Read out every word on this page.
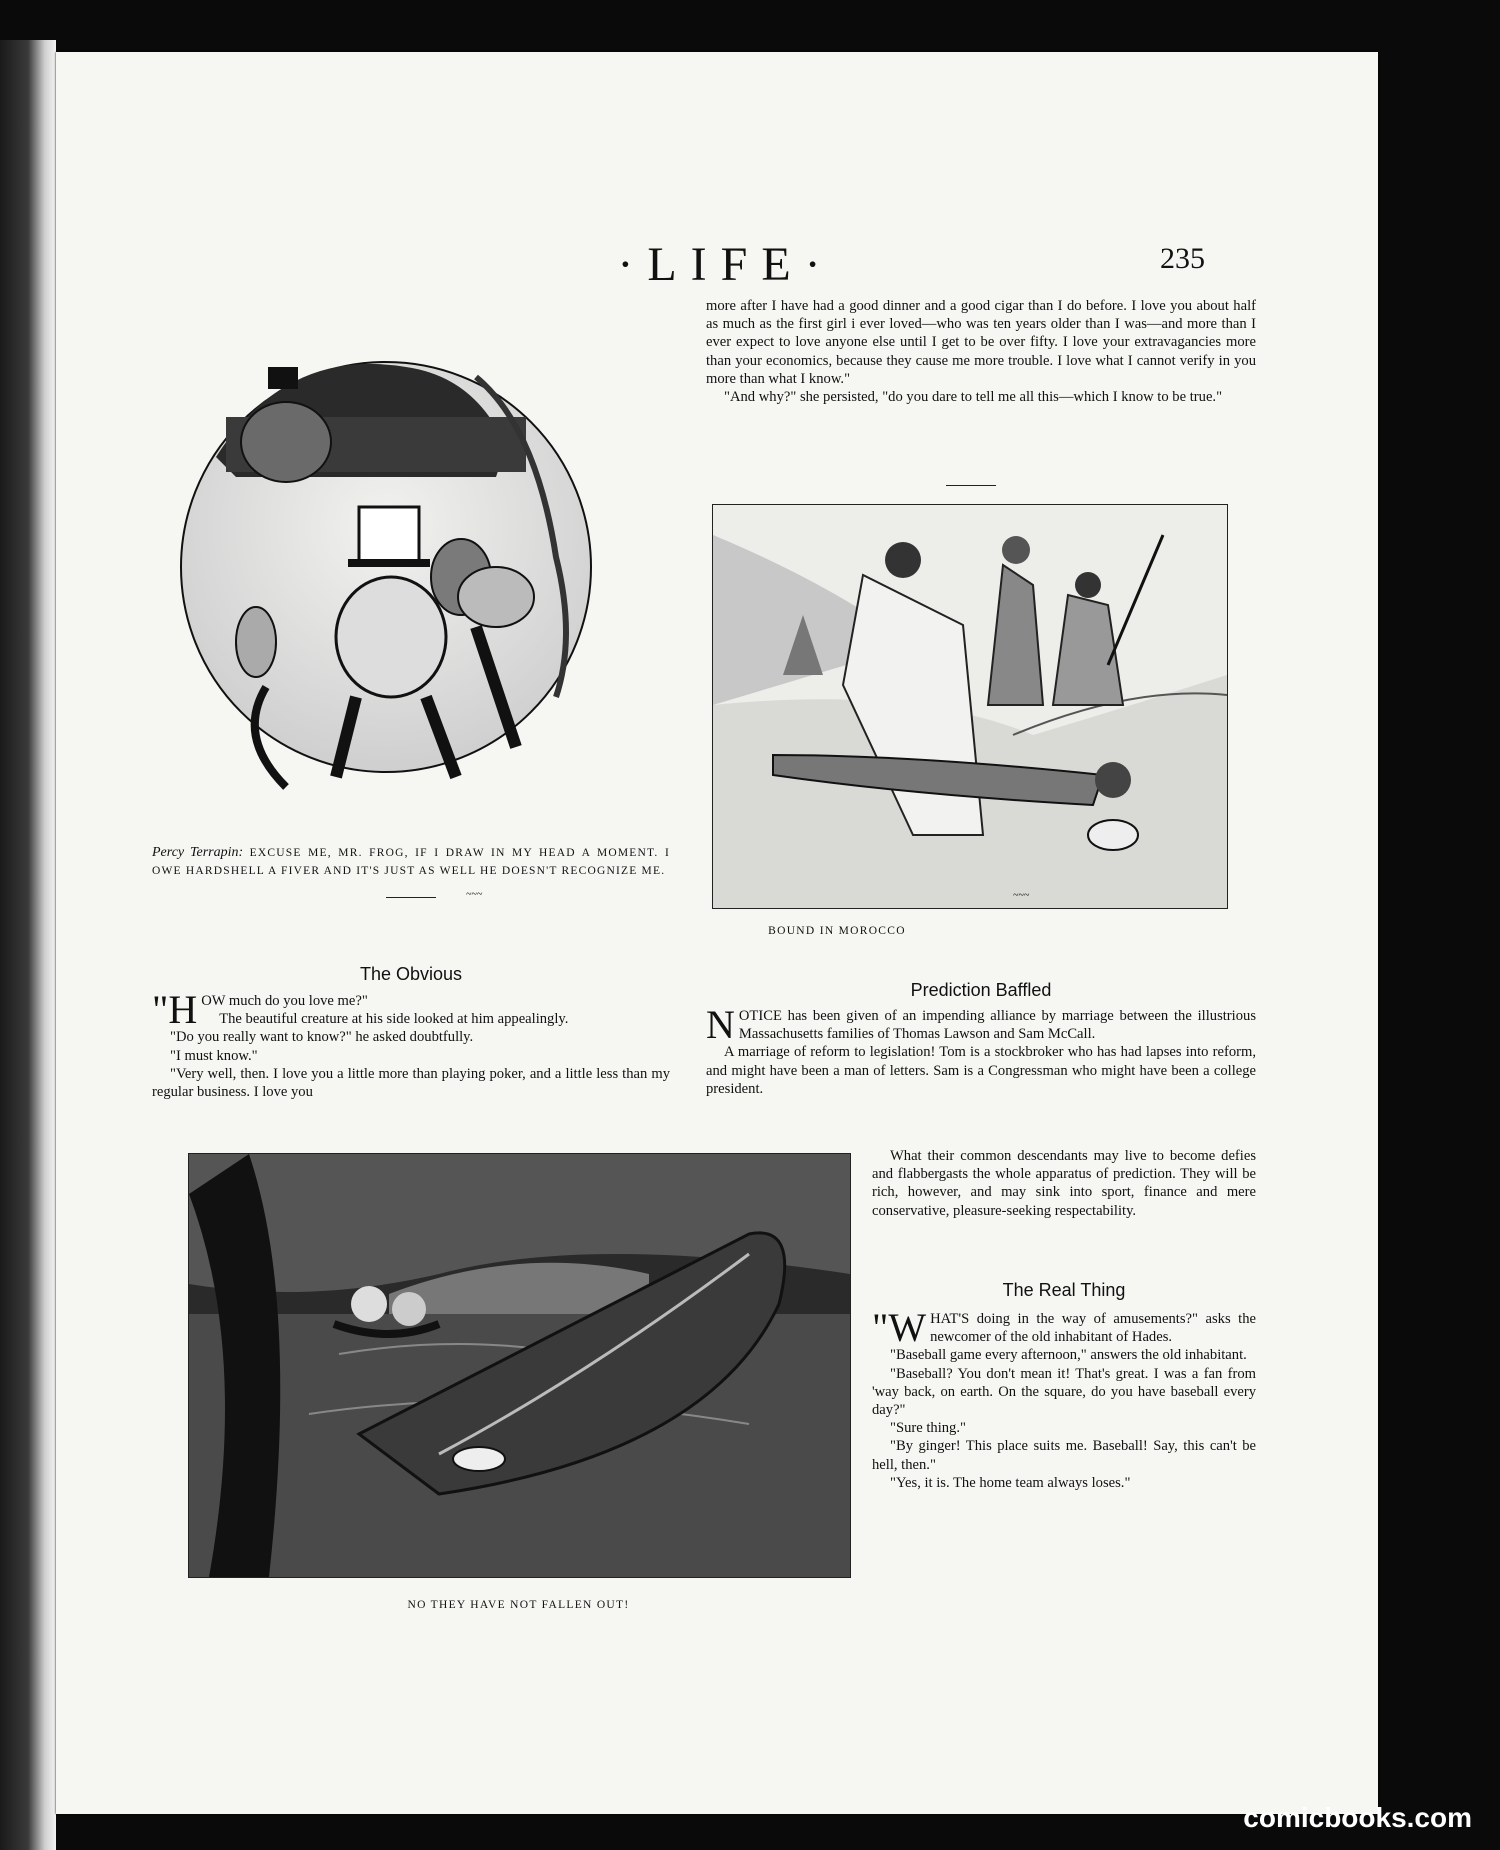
·LIFE·	235
~~~
Percy Terrapin: EXCUSE ME, MR. FROG, IF I DRAW IN MY HEAD A MOMENT. I OWE HARDSHELL A FIVER AND IT'S JUST AS WELL HE DOESN'T RECOGNIZE ME.
The Obvious
"H OW much do you love me?"

The beautiful creature at his side looked at him appealingly.

"Do you really want to know?" he asked doubtfully.

"I must know."

"Very well, then. I love you a little more than playing poker, and a little less than my regular business. I love you

more after I have had a good dinner and a good cigar than I do before. I love you about half as much as the first girl i ever loved—who was ten years older than I was—and more than I ever expect to love anyone else until I get to be over fifty. I love your extravagancies more than your economics, because they cause me more trouble. I love what I cannot verify in you more than what I know."

"And why?" she persisted, "do you dare to tell me all this—which I know to be true."

~~~
BOUND IN MOROCCO
Prediction Baffled
N OTICE has been given of an impending alliance by marriage between the illustrious Massachusetts families of Thomas Lawson and Sam McCall.

A marriage of reform to legislation! Tom is a stockbroker who has had lapses into reform, and might have been a man of letters. Sam is a Congressman who might have been a college president.

What their common descendants may live to become defies and flabbergasts the whole apparatus of prediction. They will be rich, however, and may sink into sport, finance and mere conservative, pleasure-seeking respectability.

The Real Thing
"W HAT'S doing in the way of amusements?" asks the newcomer of the old inhabitant of Hades.

"Baseball game every afternoon," answers the old inhabitant.

"Baseball? You don't mean it! That's great. I was a fan from 'way back, on earth. On the square, do you have baseball every day?"

"Sure thing."

"By ginger! This place suits me. Baseball! Say, this can't be hell, then."

"Yes, it is. The home team always loses."

NO THEY HAVE NOT FALLEN OUT!
comicbooks.com
